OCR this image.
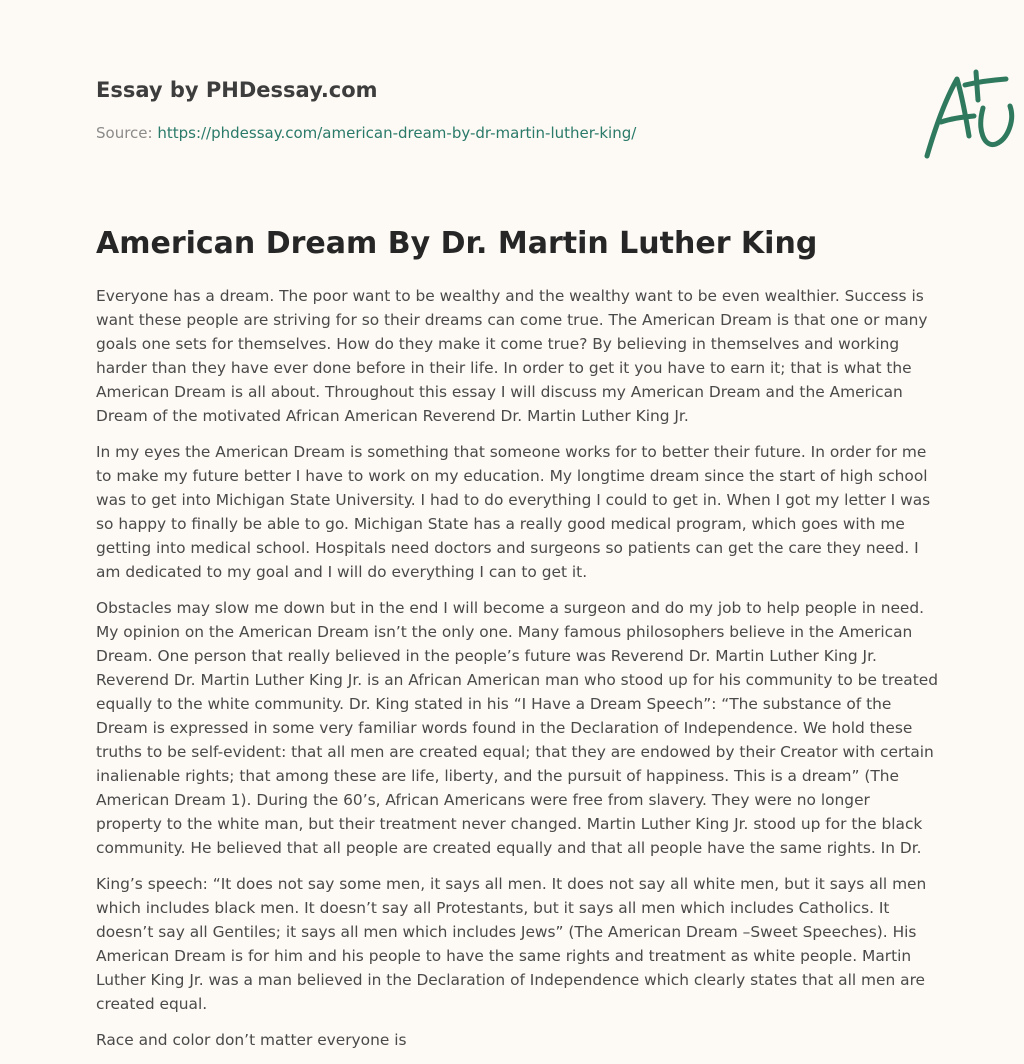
Essay by PHDessay.com
Source: https://phdessay.com/american-dream-by-dr-martin-luther-king/
American Dream By Dr. Martin Luther King

Everyone has a dream. The poor want to be wealthy and the wealthy want to be even wealthier. Success is want these people are striving for so their dreams can come true. The American Dream is that one or many goals one sets for themselves. How do they make it come true? By believing in themselves and working harder than they have ever done before in their life. In order to get it you have to earn it; that is what the American Dream is all about. Throughout this essay I will discuss my American Dream and the American Dream of the motivated African American Reverend Dr. Martin Luther King Jr.

In my eyes the American Dream is something that someone works for to better their future. In order for me to make my future better I have to work on my education. My longtime dream since the start of high school was to get into Michigan State University. I had to do everything I could to get in. When I got my letter I was so happy to finally be able to go. Michigan State has a really good medical program, which goes with me getting into medical school. Hospitals need doctors and surgeons so patients can get the care they need. I am dedicated to my goal and I will do everything I can to get it.

Obstacles may slow me down but in the end I will become a surgeon and do my job to help people in need. My opinion on the American Dream isn’t the only one. Many famous philosophers believe in the American Dream. One person that really believed in the people’s future was Reverend Dr. Martin Luther King Jr. Reverend Dr. Martin Luther King Jr. is an African American man who stood up for his community to be treated equally to the white community. Dr. King stated in his “I Have a Dream Speech”: “The substance of the Dream is expressed in some very familiar words found in the Declaration of Independence. We hold these truths to be self-evident: that all men are created equal; that they are endowed by their Creator with certain inalienable rights; that among these are life, liberty, and the pursuit of happiness. This is a dream” (The American Dream 1). During the 60’s, African Americans were free from slavery. They were no longer property to the white man, but their treatment never changed. Martin Luther King Jr. stood up for the black community. He believed that all people are created equally and that all people have the same rights. In Dr.

King’s speech: “It does not say some men, it says all men. It does not say all white men, but it says all men which includes black men. It doesn’t say all Protestants, but it says all men which includes Catholics. It doesn’t say all Gentiles; it says all men which includes Jews” (The American Dream –Sweet Speeches). His American Dream is for him and his people to have the same rights and treatment as white people. Martin Luther King Jr. was a man believed in the Declaration of Independence which clearly states that all men are created equal.

Race and color don’t matter everyone is
